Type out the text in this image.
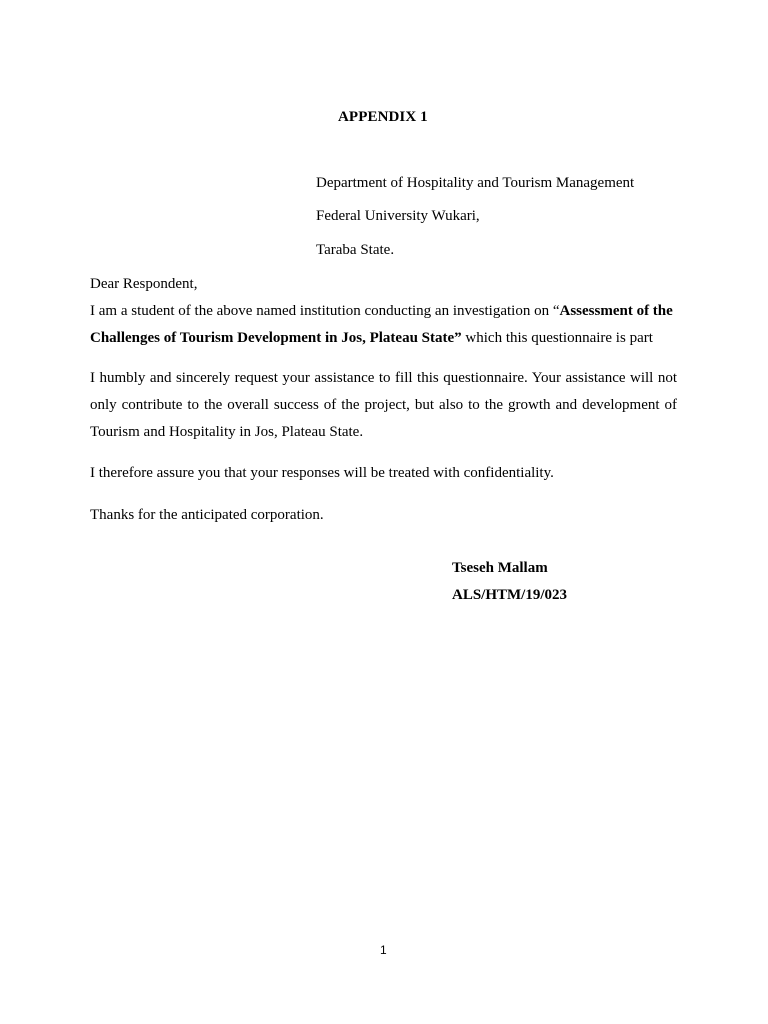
APPENDIX 1
Department of Hospitality and Tourism Management
Federal University Wukari,
Taraba State.
Dear Respondent,
I am a student of the above named institution conducting an investigation on “Assessment of the Challenges of Tourism Development in Jos, Plateau State” which this questionnaire is part
I humbly and sincerely request your assistance to fill this questionnaire. Your assistance will not only contribute to the overall success of the project, but also to the growth and development of Tourism and Hospitality in Jos, Plateau State.
I therefore assure you that your responses will be treated with confidentiality.
Thanks for the anticipated corporation.
Tseseh Mallam
ALS/HTM/19/023
1
